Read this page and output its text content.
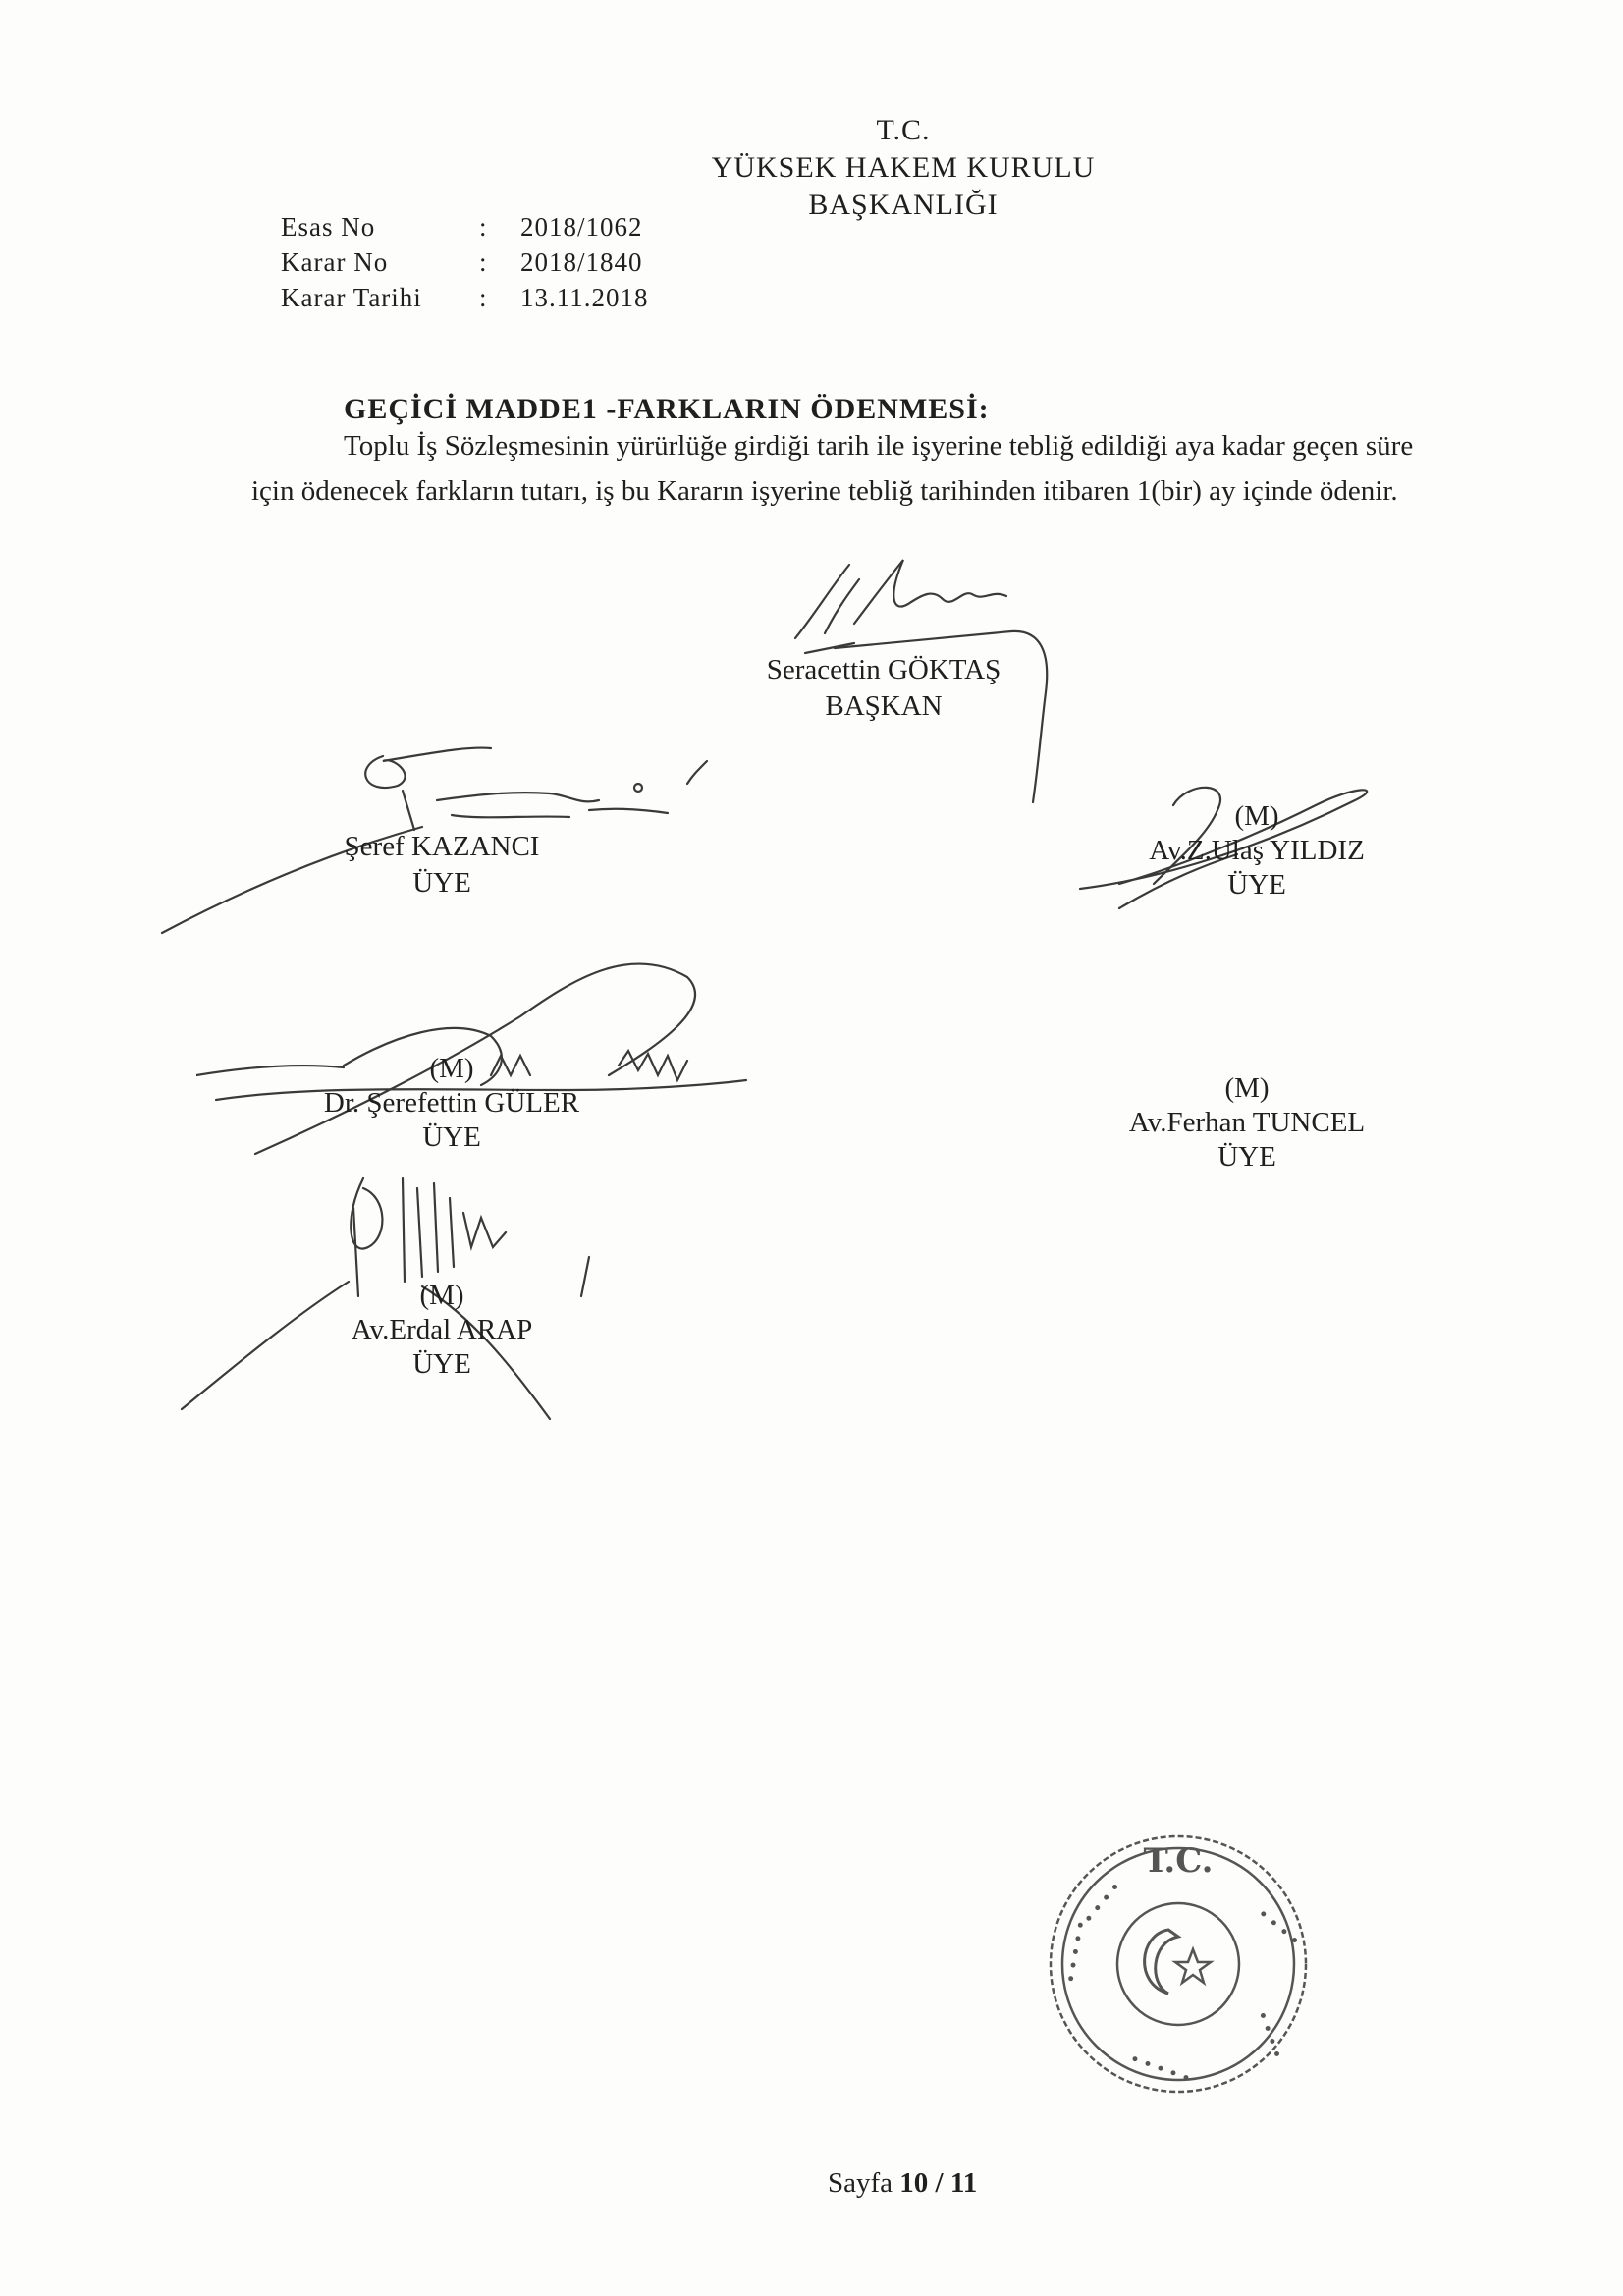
T.C.
YÜKSEK HAKEM KURULU
BAŞKANLIĞI
Esas No	: 2018/1062
Karar No	: 2018/1840
Karar Tarihi : 13.11.2018
GEÇİCİ MADDE1 -FARKLARIN ÖDENMESİ:
Toplu İş Sözleşmesinin yürürlüğe girdiği tarih ile işyerine tebliğ edildiği aya kadar geçen süre
için ödenecek farkların tutarı, iş bu Kararın işyerine tebliğ tarihinden itibaren 1(bir) ay içinde ödenir.
Seracettin GÖKTAŞ
BAŞKAN
Şeref KAZANCI
ÜYE
(M)
Av.Z.Ulaş YILDIZ
ÜYE
(M)
Dr. Şerefettin GÜLER
ÜYE
(M)
Av.Ferhan TUNCEL
ÜYE
(M)
Av.Erdal ARAP
ÜYE
T.C.
• • • •
• • • • •
• • • • •
• • • •
• • • •
Sayfa 10 / 11
